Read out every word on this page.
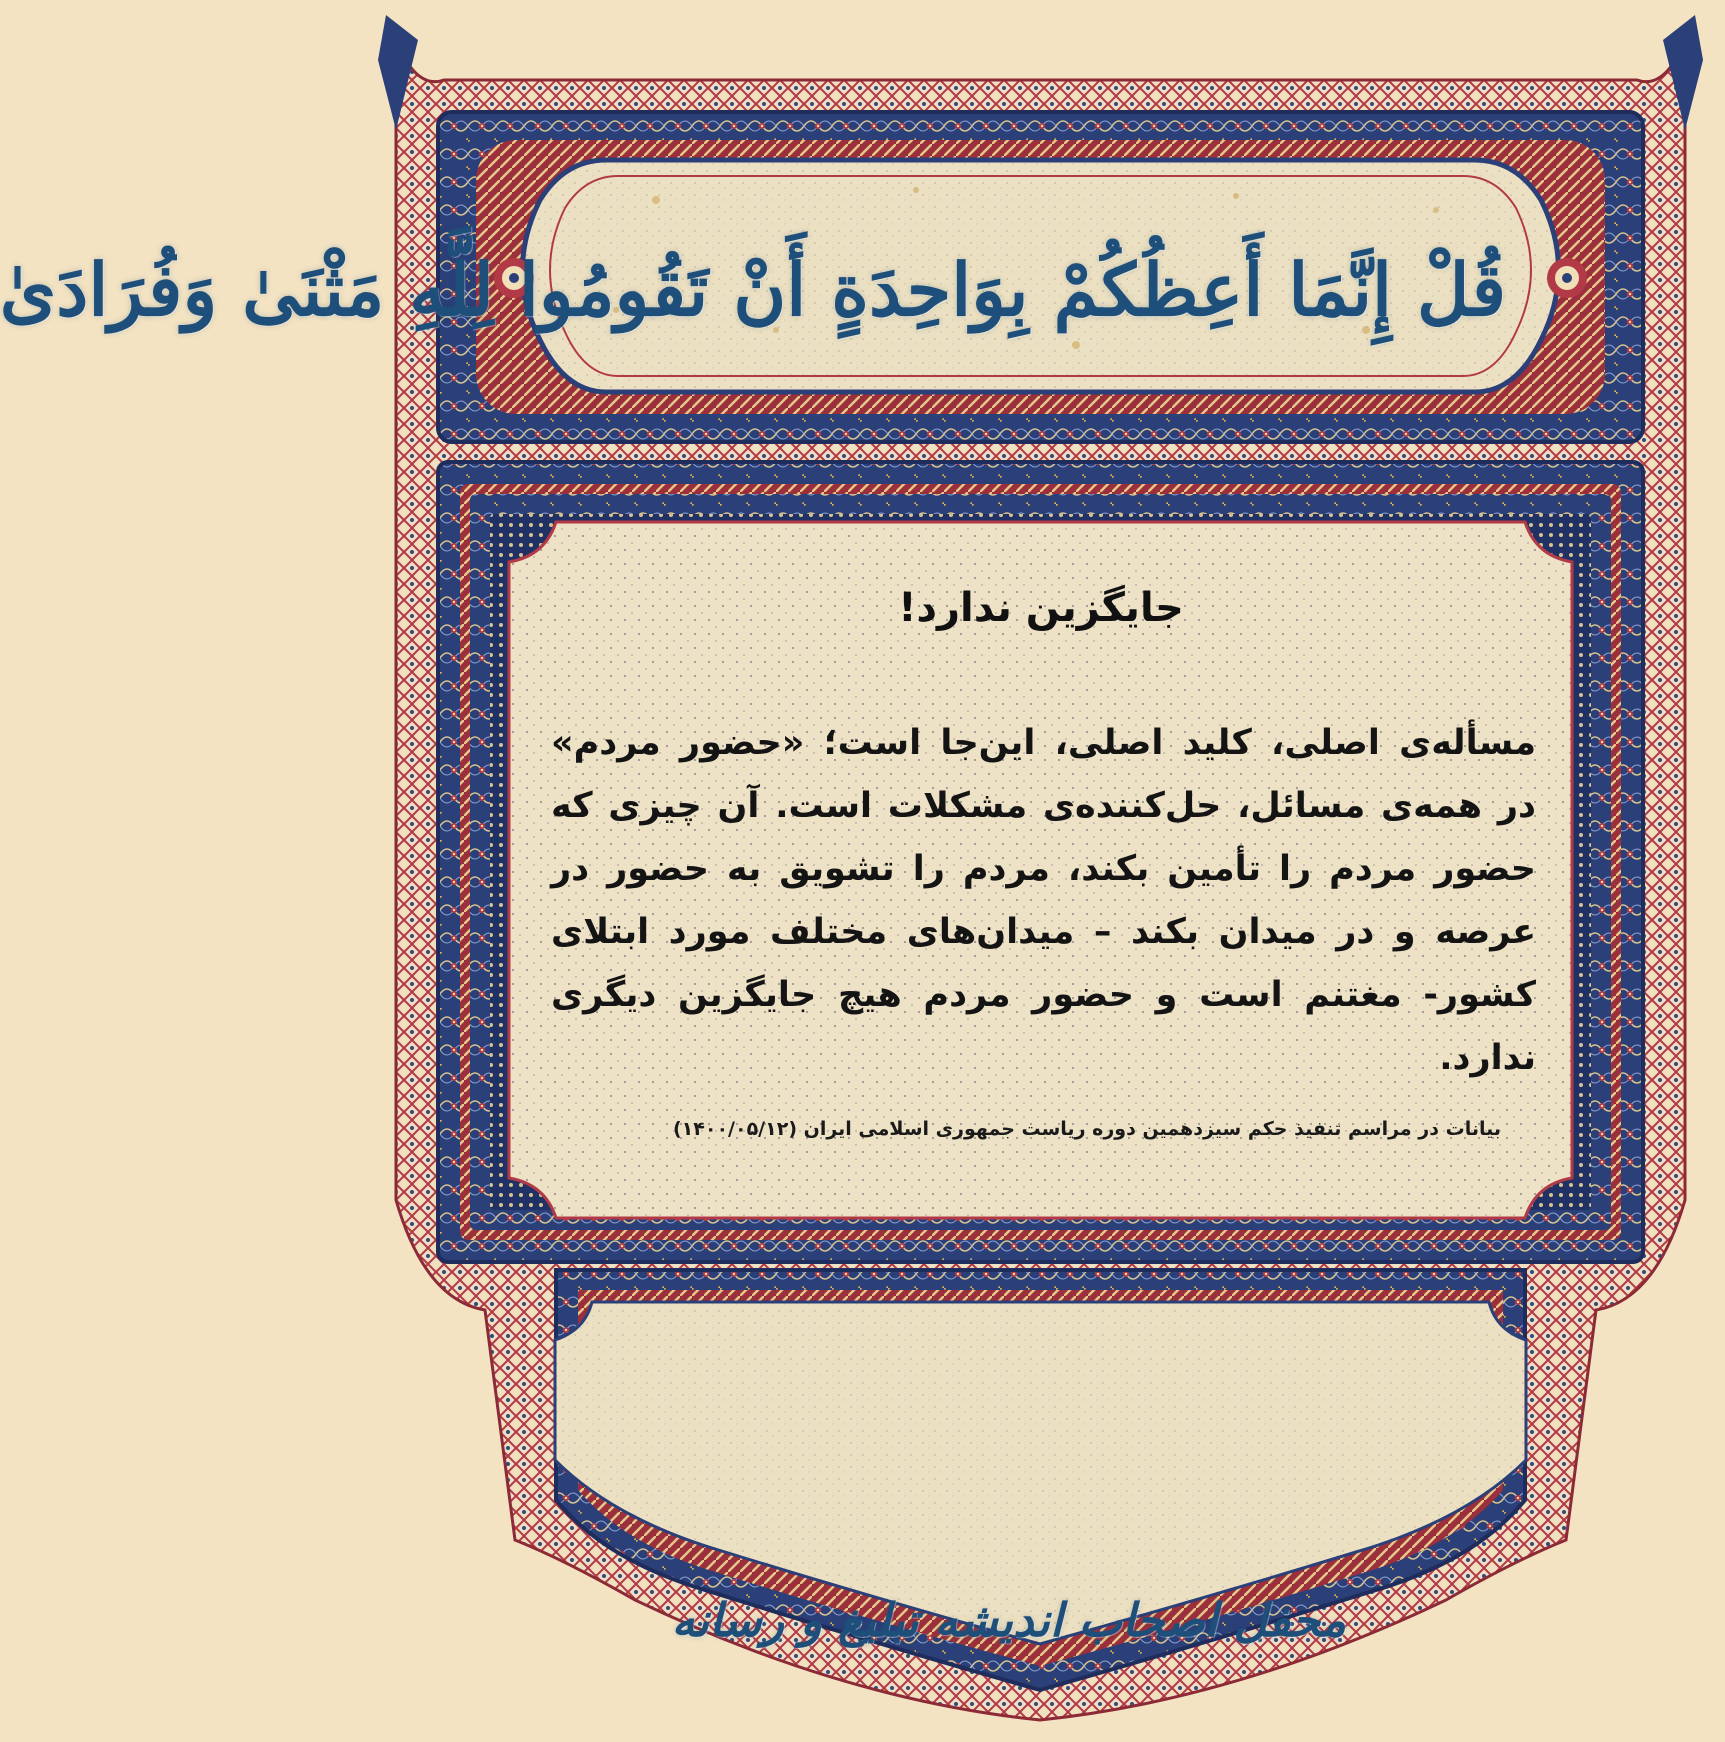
قُلْ إِنَّمَا أَعِظُكُمْ بِوَاحِدَةٍ أَنْ تَقُومُوا لِلَّهِ مَثْنَىٰ وَفُرَادَىٰ
جایگزین ندارد!
مسأله‌ی اصلی، کلید اصلی، این‌جا است؛ «حضور مردم» در همه‌ی مسائل، حل‌کننده‌ی مشکلات است. آن چیزی که حضور مردم را تأمین بکند، مردم را تشویق به حضور در عرصه و در میدان بکند – میدان‌های مختلف مورد ابتلای کشور- مغتنم است و حضور مردم هیچ جایگزین دیگری ندارد.
بیانات در مراسم تنفیذ حکم سیزدهمین دوره ریاست جمهوری اسلامی ایران (۱۴۰۰/۰۵/۱۲)
محفل اصحاب اندیشه تبلیغ و رسانه
